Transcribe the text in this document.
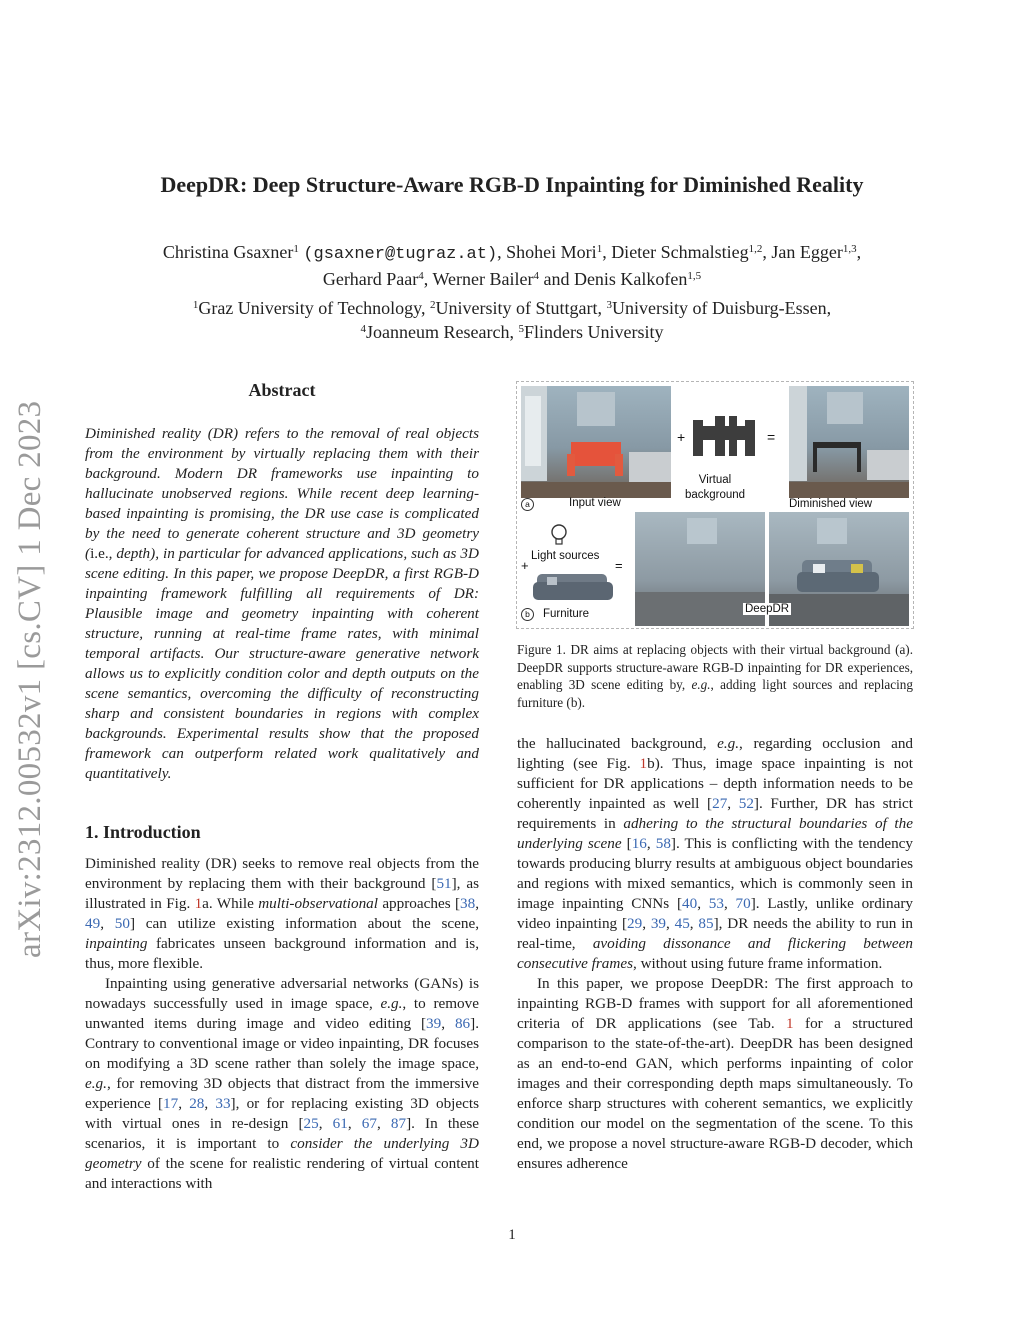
arXiv:2312.00532v1 [cs.CV] 1 Dec 2023
DeepDR: Deep Structure-Aware RGB-D Inpainting for Diminished Reality
Christina Gsaxner$^1$ (gsaxner@tugraz.at), Shohei Mori$^1$, Dieter Schmalstieg$^{1,2}$, Jan Egger$^{1,3}$,
Gerhard Paar$^4$, Werner Bailer$^4$ and Denis Kalkofen$^{1,5}$
$^1$Graz University of Technology, $^2$University of Stuttgart, $^3$University of Duisburg-Essen,
$^4$Joanneum Research, $^5$Flinders University
Abstract
Diminished reality (DR) refers to the removal of real objects from the environment by virtually replacing them with their background. Modern DR frameworks use inpainting to hallucinate unobserved regions. While recent deep learning-based inpainting is promising, the DR use case is complicated by the need to generate coherent structure and 3D geometry (i.e., depth), in particular for advanced applications, such as 3D scene editing. In this paper, we propose DeepDR, a first RGB-D inpainting framework fulfilling all requirements of DR: Plausible image and geometry inpainting with coherent structure, running at real-time frame rates, with minimal temporal artifacts. Our structure-aware generative network allows us to explicitly condition color and depth outputs on the scene semantics, overcoming the difficulty of reconstructing sharp and consistent boundaries in regions with complex backgrounds. Experimental results show that the proposed framework can outperform related work qualitatively and quantitatively.
1. Introduction

Diminished reality (DR) seeks to remove real objects from the environment by replacing them with their background [51], as illustrated in Fig. 1a. While multi-observational approaches [38, 49, 50] can utilize existing information about the scene, inpainting fabricates unseen background information and is, thus, more flexible.

Inpainting using generative adversarial networks (GANs) is nowadays successfully used in image space, e.g., to remove unwanted items during image and video editing [39, 86]. Contrary to conventional image or video inpainting, DR focuses on modifying a 3D scene rather than solely the image space, e.g., for removing 3D objects that distract from the immersive experience [17, 28, 33], or for replacing existing 3D objects with virtual ones in re-design [25, 61, 67, 87]. In these scenarios, it is important to consider the underlying 3D geometry of the scene for realistic rendering of virtual content and interactions with

+	=
+	=
a	Input view
Virtual background
Diminished view
Light sources
b	Furniture	DeepDR
Figure 1. DR aims at replacing objects with their virtual background (a). DeepDR supports structure-aware RGB-D inpainting for DR experiences, enabling 3D scene editing by, e.g., adding light sources and replacing furniture (b).

the hallucinated background, e.g., regarding occlusion and lighting (see Fig. 1b). Thus, image space inpainting is not sufficient for DR applications – depth information needs to be coherently inpainted as well [27, 52]. Further, DR has strict requirements in adhering to the structural boundaries of the underlying scene [16, 58]. This is conflicting with the tendency towards producing blurry results at ambiguous object boundaries and regions with mixed semantics, which is commonly seen in image inpainting CNNs [40, 53, 70]. Lastly, unlike ordinary video inpainting [29, 39, 45, 85], DR needs the ability to run in real-time, avoiding dissonance and flickering between consecutive frames, without using future frame information.

In this paper, we propose DeepDR: The first approach to inpainting RGB-D frames with support for all aforementioned criteria of DR applications (see Tab. 1 for a structured comparison to the state-of-the-art). DeepDR has been designed as an end-to-end GAN, which performs inpainting of color images and their corresponding depth maps simultaneously. To enforce sharp structures with coherent semantics, we explicitly condition our model on the segmentation of the scene. To this end, we propose a novel structure-aware RGB-D decoder, which ensures adherence

1
